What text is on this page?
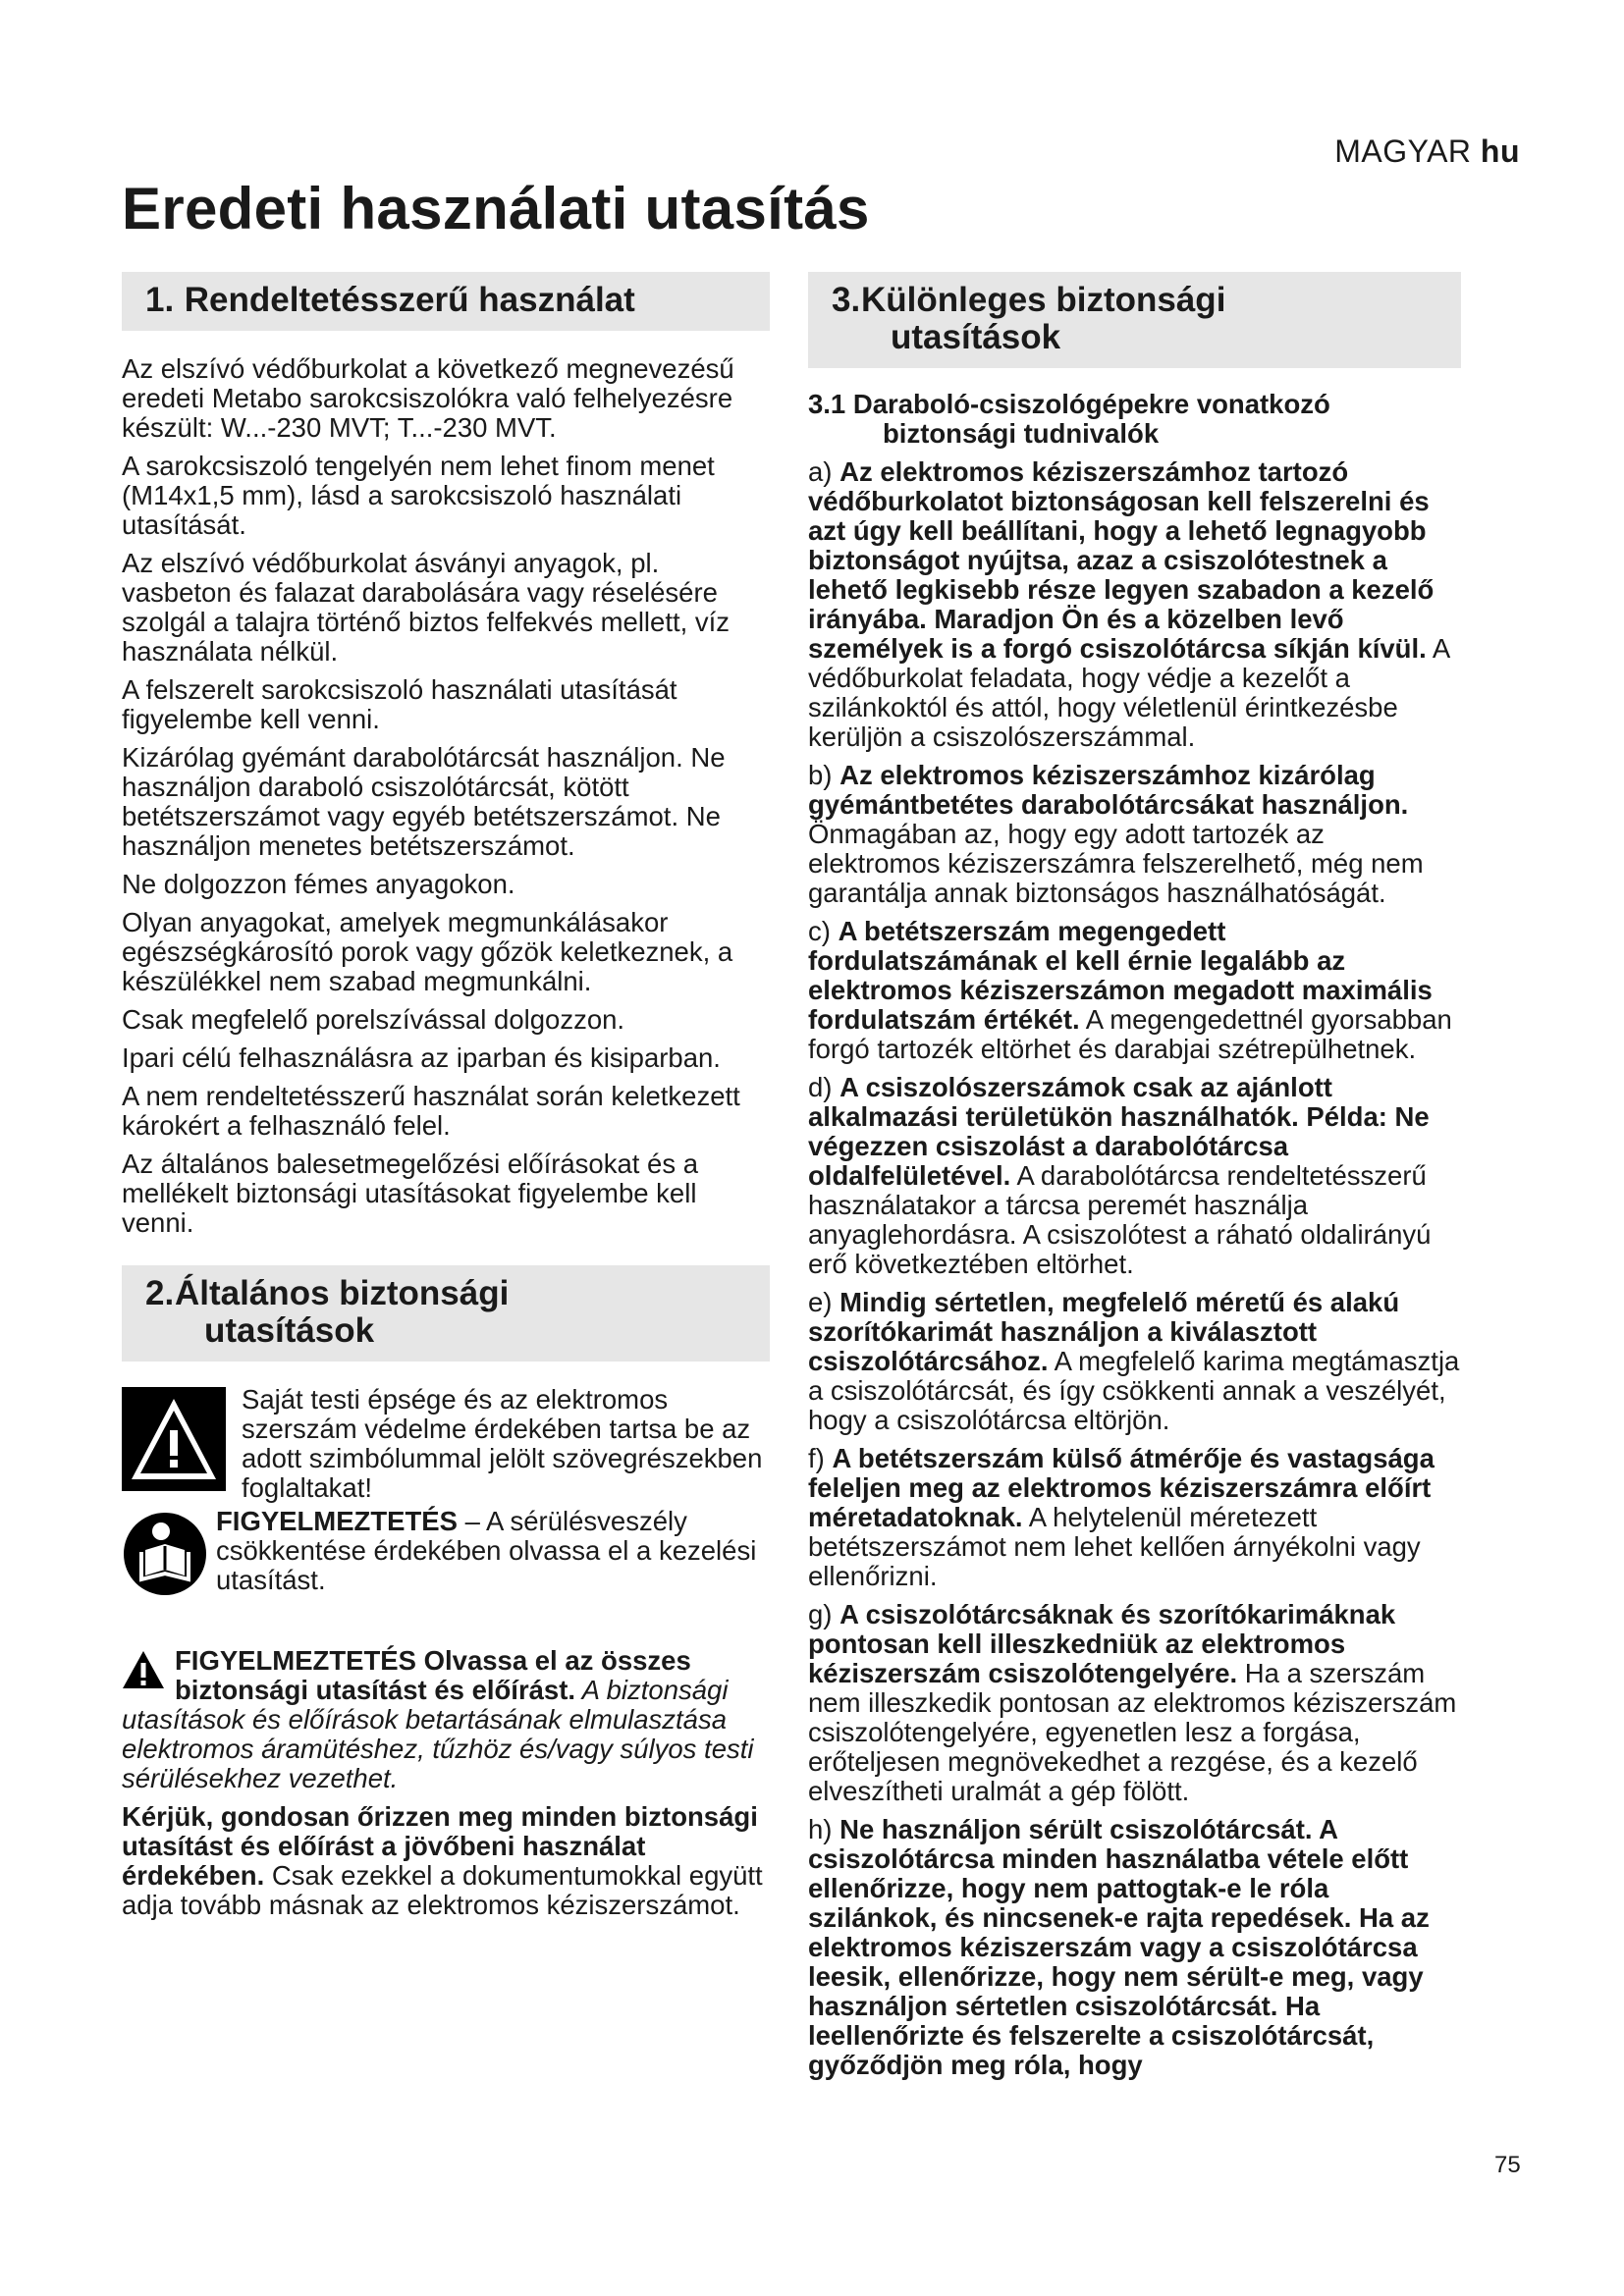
MAGYAR hu
Eredeti használati utasítás
1. Rendeltetésszerű használat

Az elszívó védőburkolat a következő megnevezésű eredeti Metabo sarokcsiszolókra való felhelyezésre készült: W...-230 MVT; T...-230 MVT.

A sarokcsiszoló tengelyén nem lehet finom menet (M14x1,5 mm), lásd a sarokcsiszoló használati utasítását.

Az elszívó védőburkolat ásványi anyagok, pl. vasbeton és falazat darabolására vagy réselésére szolgál a talajra történő biztos felfekvés mellett, víz használata nélkül.

A felszerelt sarokcsiszoló használati utasítását figyelembe kell venni.

Kizárólag gyémánt darabolótárcsát használjon. Ne használjon daraboló csiszolótárcsát, kötött betétszerszámot vagy egyéb betétszerszámot. Ne használjon menetes betétszerszámot.

Ne dolgozzon fémes anyagokon.

Olyan anyagokat, amelyek megmunkálásakor egészségkárosító porok vagy gőzök keletkeznek, a készülékkel nem szabad megmunkálni.

Csak megfelelő porelszívással dolgozzon.

Ipari célú felhasználásra az iparban és kisiparban.

A nem rendeltetésszerű használat során keletkezett károkért a felhasználó felel.

Az általános balesetmegelőzési előírásokat és a mellékelt biztonsági utasításokat figyelembe kell venni.

2.Általános biztonsági
utasítások
Saját testi épsége és az elektromos szerszám védelme érdekében tartsa be az adott szimbólummal jelölt szövegrészekben foglaltakat!
FIGYELMEZTETÉS – A sérülésveszély csökkentése érdekében olvassa el a kezelési utasítást.

FIGYELMEZTETÉS Olvassa el az összes biztonsági utasítást és előírást. A biztonsági utasítások és előírások betartásának elmulasztása elektromos áramütéshez, tűzhöz és/vagy súlyos testi sérülésekhez vezethet.

Kérjük, gondosan őrizzen meg minden biztonsági utasítást és előírást a jövőbeni használat érdekében. Csak ezekkel a dokumentumokkal együtt adja tovább másnak az elektromos kéziszerszámot.

3.Különleges biztonsági
utasítások
3.1 Daraboló-csiszológépekre vonatkozó
biztonsági tudnivalók

a) Az elektromos kéziszerszámhoz tartozó védőburkolatot biztonságosan kell felszerelni és azt úgy kell beállítani, hogy a lehető legnagyobb biztonságot nyújtsa, azaz a csiszolótestnek a lehető legkisebb része legyen szabadon a kezelő irányába. Maradjon Ön és a közelben levő személyek is a forgó csiszolótárcsa síkján kívül. A védőburkolat feladata, hogy védje a kezelőt a szilánkoktól és attól, hogy véletlenül érintkezésbe kerüljön a csiszolószerszámmal.

b) Az elektromos kéziszerszámhoz kizárólag gyémántbetétes darabolótárcsákat használjon. Önmagában az, hogy egy adott tartozék az elektromos kéziszerszámra felszerelhető, még nem garantálja annak biztonságos használhatóságát.

c) A betétszerszám megengedett fordulatszámának el kell érnie legalább az elektromos kéziszerszámon megadott maximális fordulatszám értékét. A megengedettnél gyorsabban forgó tartozék eltörhet és darabjai szétrepülhetnek.

d) A csiszolószerszámok csak az ajánlott alkalmazási területükön használhatók. Példa: Ne végezzen csiszolást a darabolótárcsa oldalfelületével. A darabolótárcsa rendeltetésszerű használatakor a tárcsa peremét használja anyaglehordásra. A csiszolótest a ráható oldalirányú erő következtében eltörhet.

e) Mindig sértetlen, megfelelő méretű és alakú szorítókarimát használjon a kiválasztott csiszolótárcsához. A megfelelő karima megtámasztja a csiszolótárcsát, és így csökkenti annak a veszélyét, hogy a csiszolótárcsa eltörjön.

f) A betétszerszám külső átmérője és vastagsága feleljen meg az elektromos kéziszerszámra előírt méretadatoknak. A helytelenül méretezett betétszerszámot nem lehet kellően árnyékolni vagy ellenőrizni.

g) A csiszolótárcsáknak és szorítókarimáknak pontosan kell illeszkedniük az elektromos kéziszerszám csiszolótengelyére. Ha a szerszám nem illeszkedik pontosan az elektromos kéziszerszám csiszolótengelyére, egyenetlen lesz a forgása, erőteljesen megnövekedhet a rezgése, és a kezelő elveszítheti uralmát a gép fölött.

h) Ne használjon sérült csiszolótárcsát. A csiszolótárcsa minden használatba vétele előtt ellenőrizze, hogy nem pattogtak-e le róla szilánkok, és nincsenek-e rajta repedések. Ha az elektromos kéziszerszám vagy a csiszolótárcsa leesik, ellenőrizze, hogy nem sérült-e meg, vagy használjon sértetlen csiszolótárcsát. Ha leellenőrizte és felszerelte a csiszolótárcsát, győződjön meg róla, hogy

75
